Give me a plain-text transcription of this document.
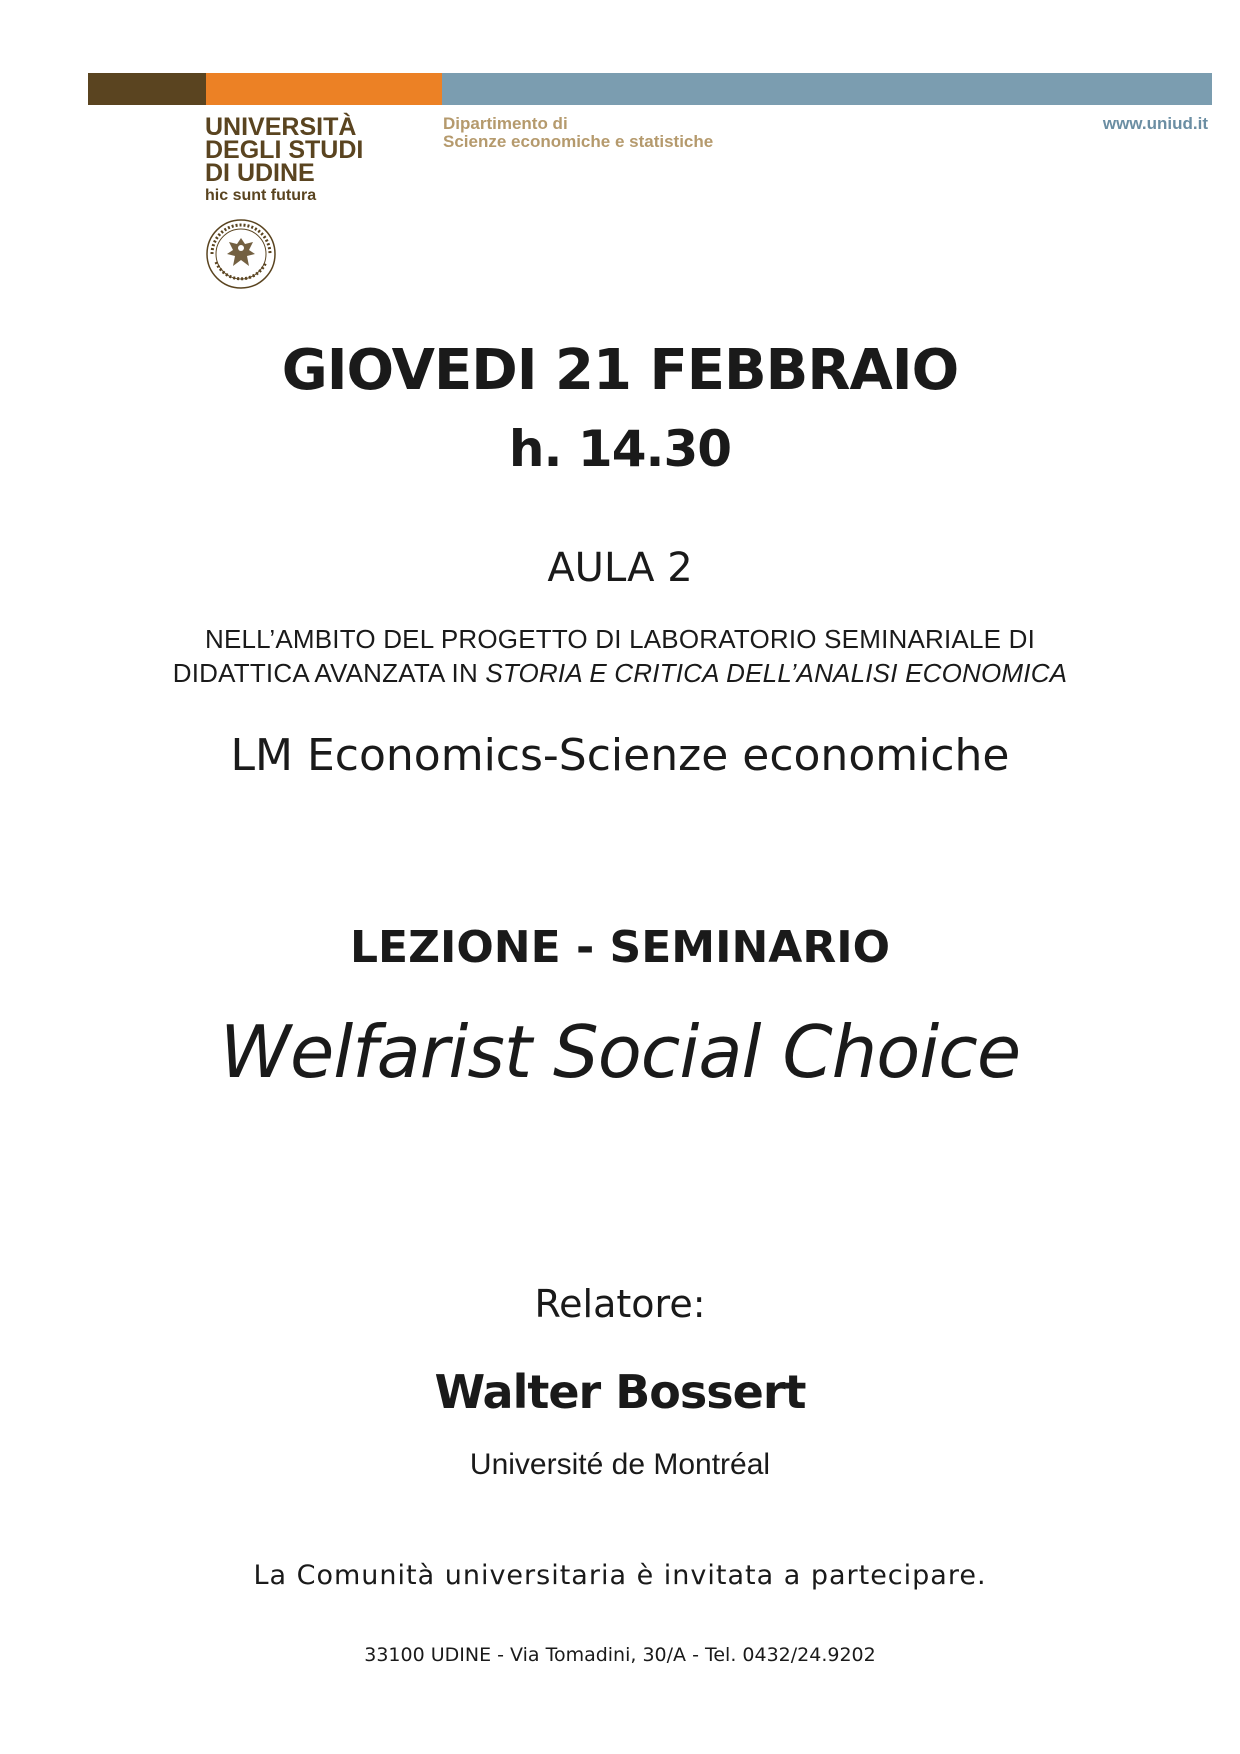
UNIVERSITÀ
DEGLI STUDI
DI UDINE
hic sunt futura
Dipartimento di
Scienze economiche e statistiche
www.uniud.it
GIOVEDI 21 FEBBRAIO
h. 14.30
AULA 2
NELL’AMBITO DEL PROGETTO DI LABORATORIO SEMINARIALE DI
DIDATTICA AVANZATA IN STORIA E CRITICA DELL’ANALISI ECONOMICA
LM Economics-Scienze economiche
LEZIONE - SEMINARIO
Welfarist Social Choice
Relatore:
Walter Bossert
Université de Montréal
La Comunità universitaria è invitata a partecipare.
33100 UDINE - Via Tomadini, 30/A - Tel. 0432/24.9202
